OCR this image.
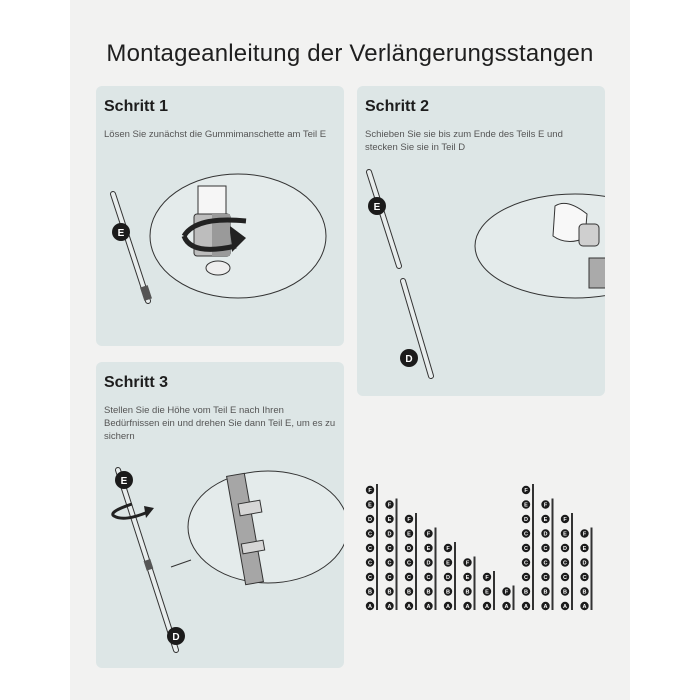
Montageanleitung der Verlängerungsstangen
Schritt 1
Lösen Sie zunächst die Gummimanschette am Teil E
E
Schritt 2
Schieben Sie sie bis zum Ende des Teils E und stecken Sie sie in Teil D
E
D
Schritt 3
Stellen Sie die Höhe vom Teil E nach Ihren Bedürfnissen ein und drehen Sie dann Teil E, um es zu sichern
E
D
F
E
D
C
C
C
C
B
A
F
E
D
C
C
C
B
A
F
E
D
C
C
B
A
F
E
D
C
B
A
F
E
D
B
A
F
E
B
A
F
E
A
F
A
F
E
D
C
C
C
C
B
A
F
E
D
C
C
C
B
A
F
E
D
C
C
B
A
F
E
D
C
B
A
